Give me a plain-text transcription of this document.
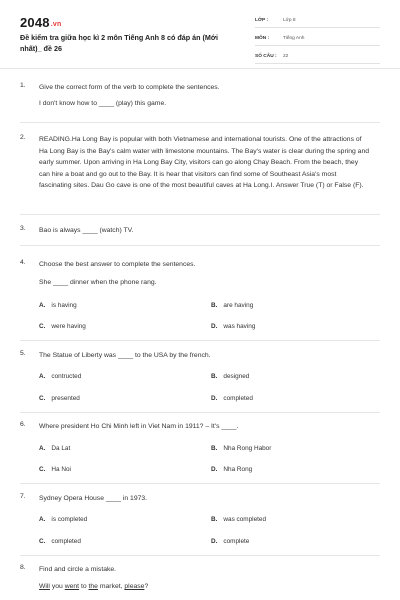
2048.vn
Đề kiểm tra giữa học kì 2 môn Tiếng Anh 8 có đáp án (Mới nhất)_ đề 26
LỚP :	Lớp 8
MÔN :	Tiếng Anh
SỐ CÂU :	22
1. Give the correct form of the verb to complete the sentences.
I don't know how to ____ (play) this game.
2. READING.Ha Long Bay is popular with both Vietnamese and international tourists. One of the attractions of Ha Long Bay is the Bay's calm water with limestone mountains. The Bay's water is clear during the spring and early summer. Upon arriving in Ha Long Bay City, visitors can go along Chay Beach. From the beach, they can hire a boat and go out to the Bay. It is hear that visitors can find some of Southeast Asia's most fascinating sites. Dau Go cave is one of the most beautiful caves at Ha Long.I. Answer True (T) or False (F).
3. Bao is always ____ (watch) TV.
4. Choose the best answer to complete the sentences.
She ____ dinner when the phone rang.
A. is having	B. are having
C. were having	D. was having
5. The Statue of Liberty was ____ to the USA by the french.
A. contructed	B. designed
C. presented	D. completed
6. Where president Ho Chi Minh left in Viet Nam in 1911? – It's ____.
A. Da Lat	B. Nha Rong Habor
C. Ha Noi	D. Nha Rong
7. Sydney Opera House ____ in 1973.
A. is completed	B. was completed
C. completed	D. complete
8. Find and circle a mistake.
Will you went to the market, please?
